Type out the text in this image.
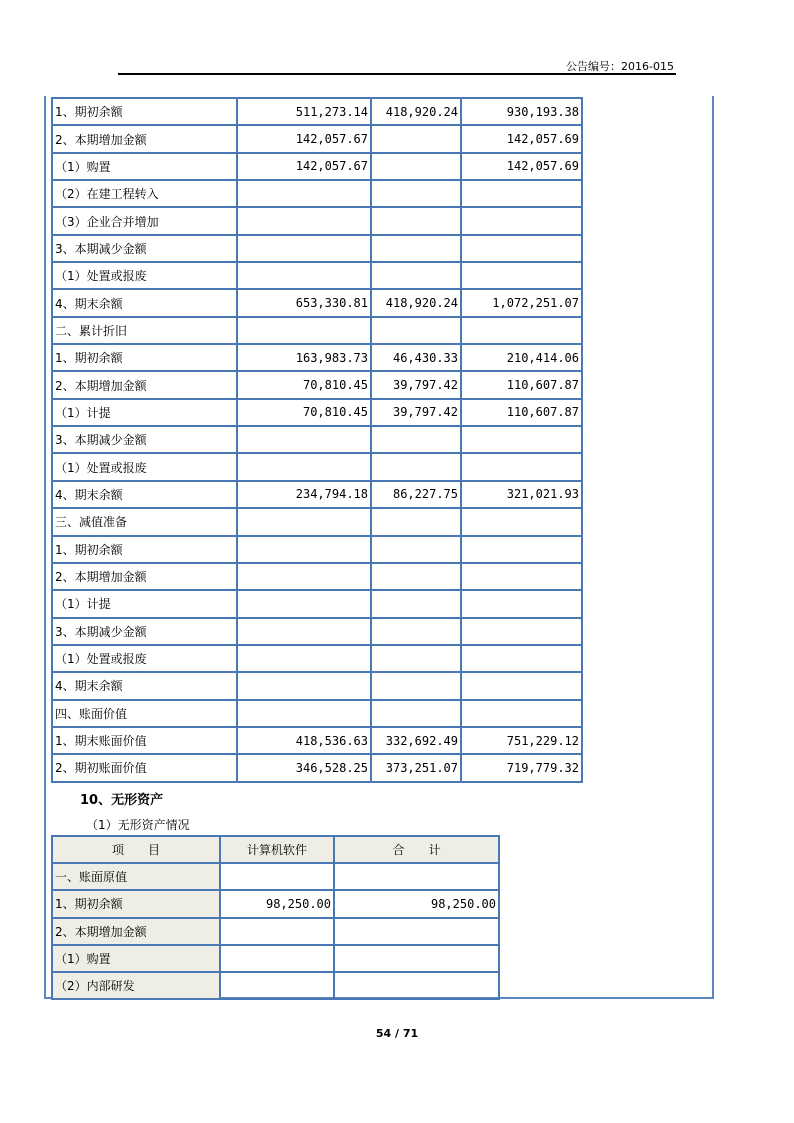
公告编号：2016-015
1、期初余额	511,273.14	418,920.24	930,193.38
2、本期增加金额	142,057.67		142,057.69
（1）购置	142,057.67		142,057.69
（2）在建工程转入			
（3）企业合并增加			
3、本期减少金额			
（1）处置或报废			
4、期末余额	653,330.81	418,920.24	1,072,251.07
二、累计折旧			
1、期初余额	163,983.73	46,430.33	210,414.06
2、本期增加金额	70,810.45	39,797.42	110,607.87
（1）计提	70,810.45	39,797.42	110,607.87
3、本期减少金额			
（1）处置或报废			
4、期末余额	234,794.18	86,227.75	321,021.93
三、减值准备			
1、期初余额			
2、本期增加金额			
（1）计提			
3、本期减少金额			
（1）处置或报废			
4、期末余额			
四、账面价值			
1、期末账面价值	418,536.63	332,692.49	751,229.12
2、期初账面价值	346,528.25	373,251.07	719,779.32
10、无形资产
（1）无形资产情况
项　　目	计算机软件	合　　计
一、账面原值		
1、期初余额	98,250.00	98,250.00
2、本期增加金额		
（1）购置		
（2）内部研发		
54 / 71
